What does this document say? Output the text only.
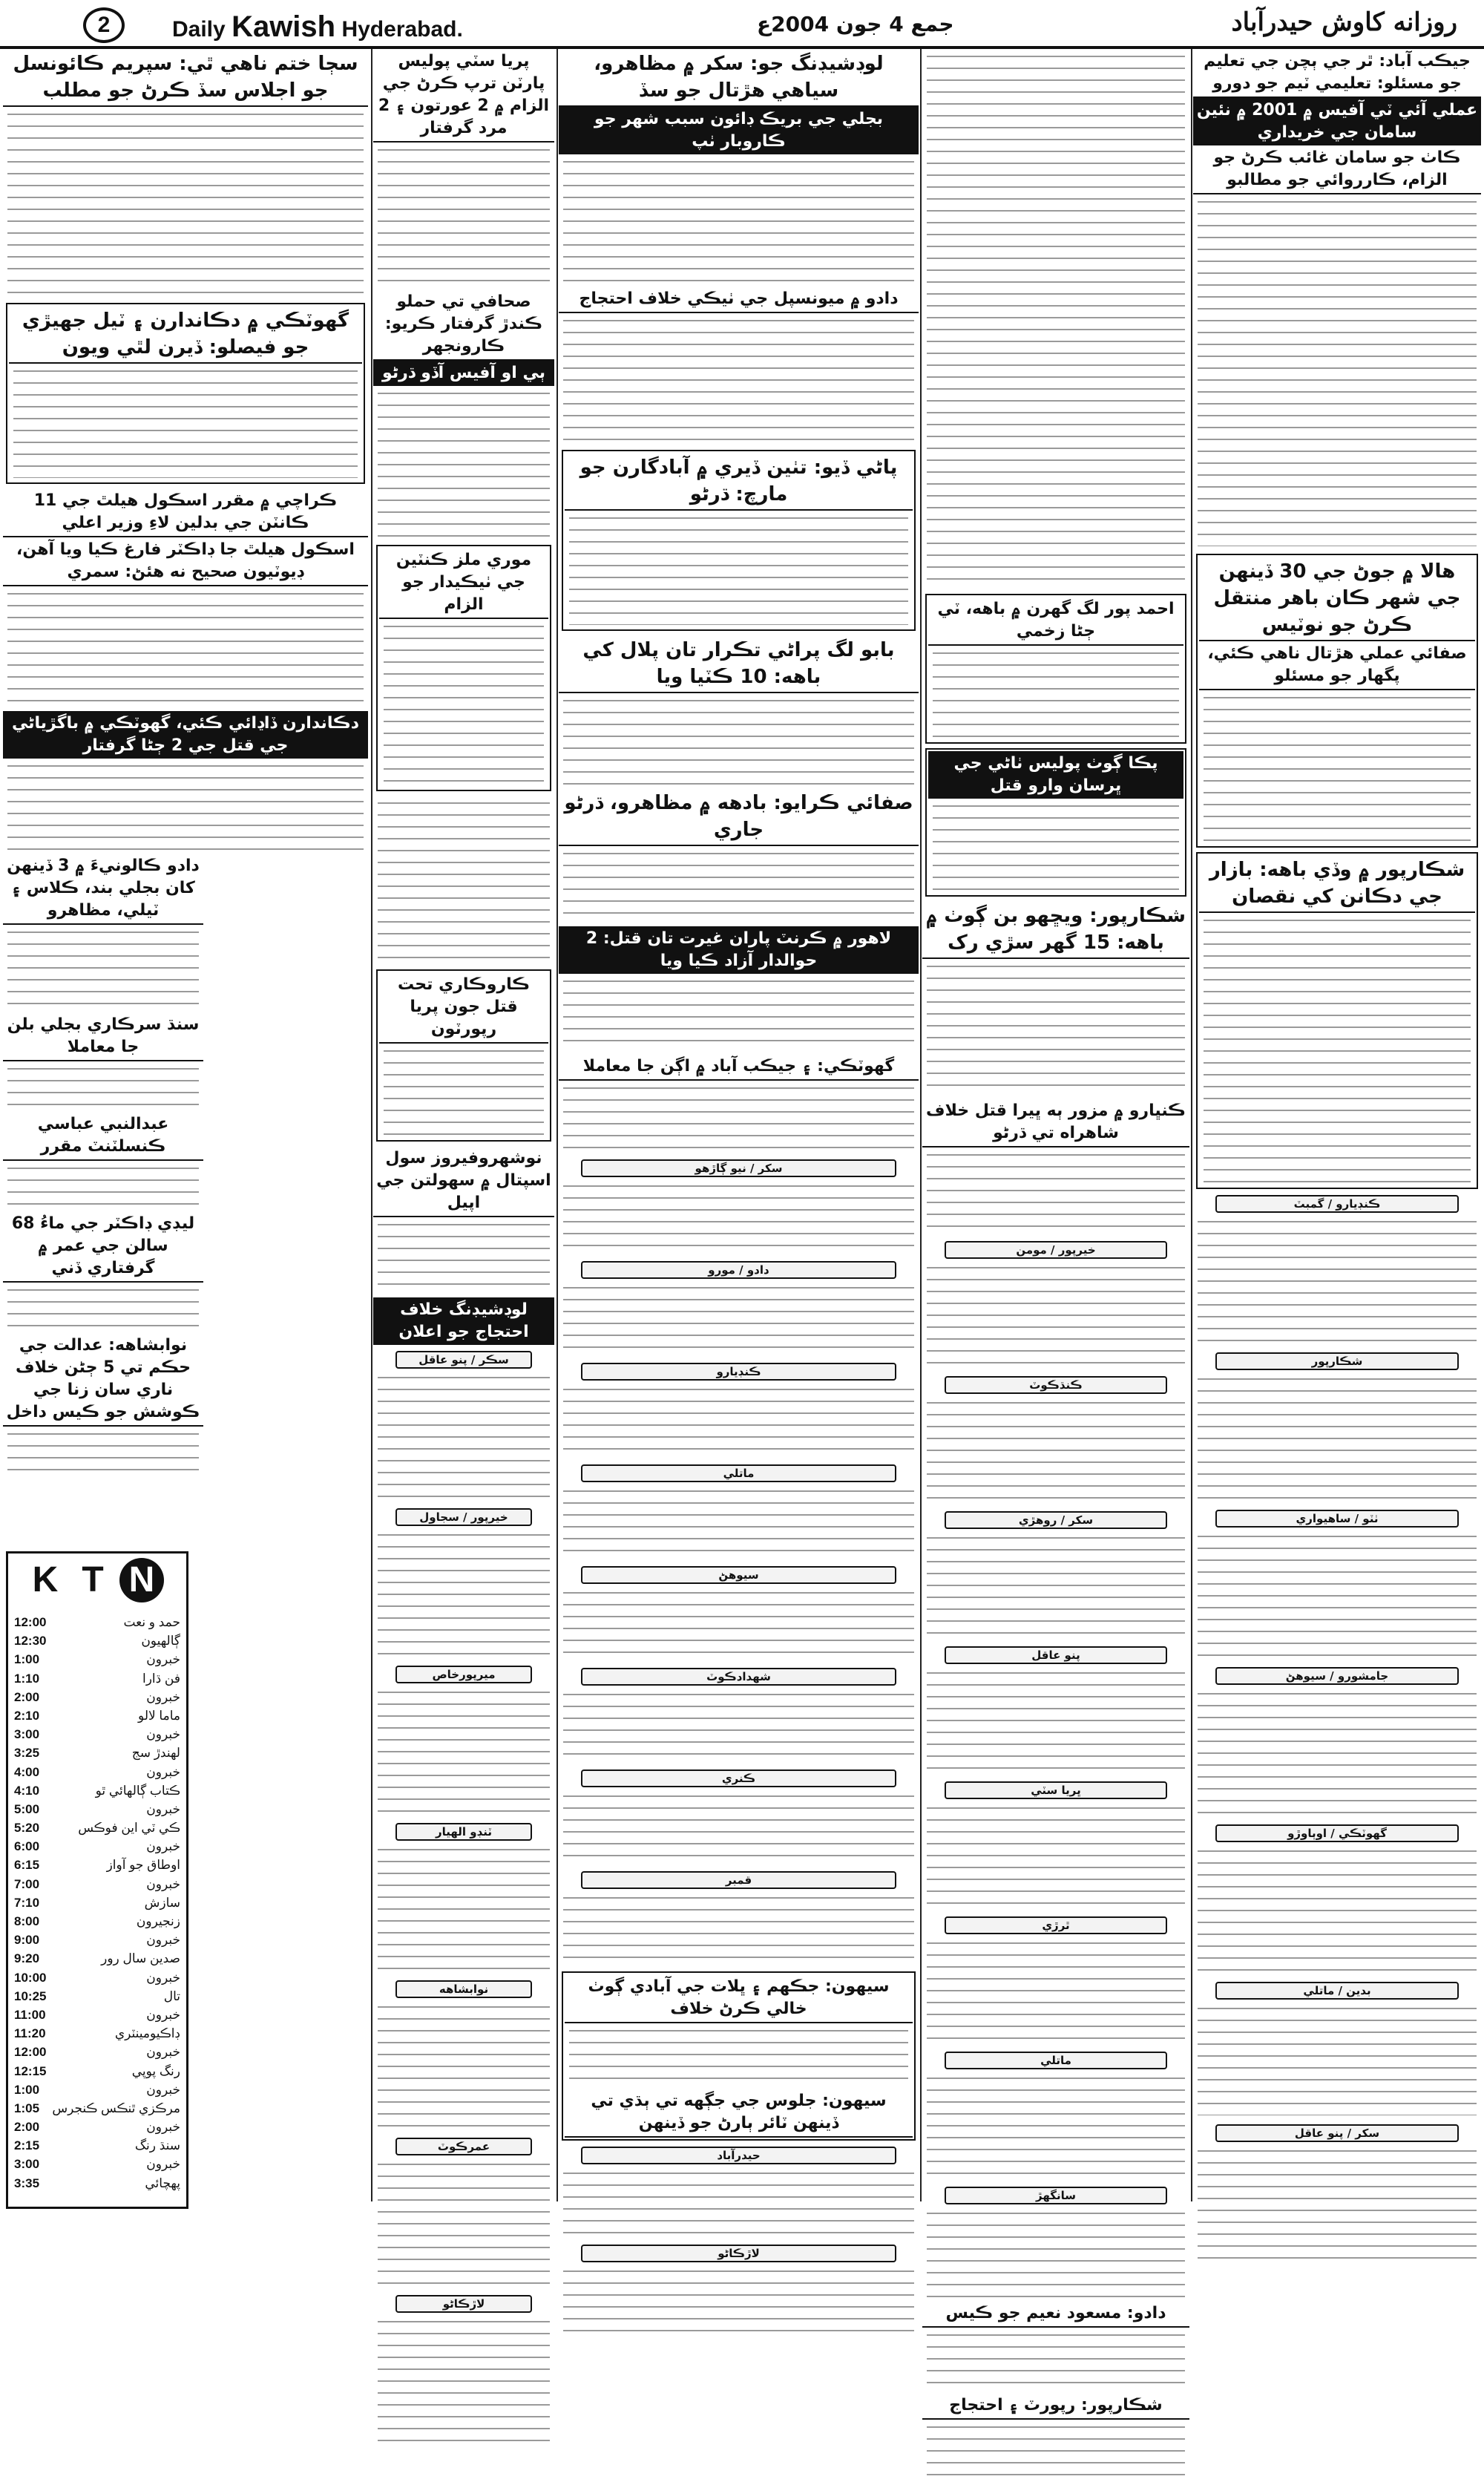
2	Daily Kawish Hyderabad.	جمع 4 جون 2004ع	روزانه كاوش حيدرآباد
جيڪب آباد: ٿر جي ٻچن جي تعليم جو مسئلو: تعليمي ٽيم جو دورو
عملي آئي ٽي آفيس ۾ 2001 ۾ نئين سامان جي خريداري
ڪاٺ جو سامان غائب ڪرڻ جو الزام، ڪارروائي جو مطالبو
هالا ۾ جوڻ جي 30 ڏينهن جي شهر ڪان باهر منتقل ڪرڻ جو نوٽيس
صفائي عملي هڙتال ناهي ڪئي، پگهار جو مسئلو
شڪارپور ۾ وڏي باهه: بازار جي دڪانن کي نقصان
ڪنڊيارو / گمبٽ
شڪارپور
ٺٽو / ساهيواري
جامشورو / سيوهڻ
گهوٽڪي / اوٻاوڙو
بدين / ماتلي
سکر / پنو عاقل
احمد پور لگ گهرن ۾ باهه، ٽي ڄڻا زخمي
پڪا ڳوٺ پوليس ٺاڻي جي ڀرسان وارو قتل
شڪارپور: ويڇهو بن ڳوٺ ۾ باهه: 15 گهر سڙي رک
ڪنڀارو ۾ مزور ٻه ڀيرا قتل خلاف شاهراه تي ڌرڻو
خيرپور / مومن
ڪنڌڪوٽ
سکر / روهڙي
پنو عاقل
ڀريا سٽي
ٿرڙي
ماتلي
سانگهڙ
دادو: مسعود نعيم جو ڪيس
شڪارپور: رپورٽ ۽ احتجاج
لوڊشيڊنگ جو: سکر ۾ مظاهرو، سياهي هڙتال جو سڏ
بجلي جي بريڪ ڊائون سبب شهر جو ڪاروبار ٺپ
دادو ۾ ميونسپل جي ٺيڪي خلاف احتجاج
پاڻي ڏيو: تٺين ڏيري ۾ آبادگارن جو مارچ: ڌرڻو
بابو لگ پراڻي تڪرار تان پلال کي باهه: 10 ڪٽيا ويا
صفائي ڪرايو: بادهه ۾ مظاهرو، ڌرڻو جاري
لاهور ۾ ڪرنٽ پاران غيرت تان قتل: 2 حوالدار آزاد ڪيا ويا
گهوٽڪي: ۽ جيڪب آباد ۾ اڳن جا معاملا
سکر / نيو ڳاڙهو
دادو / مورو
ڪنڊيارو
ماتلي
سيوهڻ
شهدادڪوٽ
ڪنري
قمبر
سيهون: جڪهم ۽ ڀلات جي آبادي ڳوٺ خالي ڪرڻ خلاف
سيهون: جلوس جي جڳهه تي ٻڌي تي ڏينهن ٽائر ٻارڻ جو ڏينهن
حيدرآباد
لاڙڪاڻو
پريا سٽي پوليس پارٽن ترپ ڪرڻ جي الزام ۾ 2 عورتون ۽ 2 مرد گرفتار
صحافي تي حملو ڪندڙ گرفتار ڪريو: ڪارونجهر
ٻي او آفيس آڏو ڌرڻو
موري ملز ڪنٽين جي ٺيڪيدار جو الزام
ڪاروڪاري تحت قتل جون پريا رپورٽون
نوشهروفيروز سول اسپتال ۾ سهولتن جي اپيل
لوڊشيڊنگ خلاف احتجاج جو اعلان
سڪر / پنو عاقل
خيرپور / سجاول
ميرپورخاص
ٽنڊو الهيار
نوابشاهه
عمرڪوٽ
لاڙڪاڻو
سڄا ختم ناهي ٿي: سپريم ڪائونسل جو اجلاس سڏ ڪرڻ جو مطلب
گهوٽڪي ۾ دڪاندارن ۽ ٽيل جهيڙي جو فيصلو: ڏيرن لٿي ويون
ڪراچي ۾ مقرر اسڪول هيلٿ جي 11 ڪانٽن جي بدلين لاءِ وزير اعلي
اسڪول هيلٿ جا ڊاڪٽر فارغ ڪيا ويا آهن، ڊيوٽيون صحيح نه هئڻ: سمري
دڪاندارن ڏاڍائي ڪئي، گهوٽڪي ۾ باگڙياڻي جي قتل جي 2 ڄڻا گرفتار
دادو ڪالونيءَ ۾ 3 ڏينهن کان بجلي بند، ڪلاس ۽ ٽيلي، مظاهرو
سنڌ سرڪاري بجلي بلن جا معاملا
عبدالنبي عباسي ڪنسلٽنٽ مقرر
ليڊي ڊاڪٽر جي ماءُ 68 سالن جي عمر ۾ گرفتاري ڏني
نوابشاهه: عدالت جي حڪم تي 5 ڄڻن خلاف ناري سان زنا جي ڪوشش جو ڪيس داخل
K T N
12:00	حمد و نعت
12:30	ڳالهيون
1:00	خبرون
1:10	فن ڌارا
2:00	خبرون
2:10	ماما لالو
3:00	خبرون
3:25	لهندڙ سج
4:00	خبرون
4:10	ڪتاب ڳالهائي ٿو
5:00	خبرون
5:20	ڪي ٽي اين فوڪس
6:00	خبرون
6:15	اوطاق جو آواز
7:00	خبرون
7:10	سازش
8:00	زنجيرون
9:00	خبرون
9:20	صدين سال رور
10:00	خبرون
10:25	تال
11:00	خبرون
11:20	ڊاڪيومينٽري
12:00	خبرون
12:15	رنگ پوپي
1:00	خبرون
1:05 مرڪزي ٿنڪس ڪنجرس
2:00	خبرون
2:15	سنڌ رنگ
3:00	خبرون
3:35	پهچائي
